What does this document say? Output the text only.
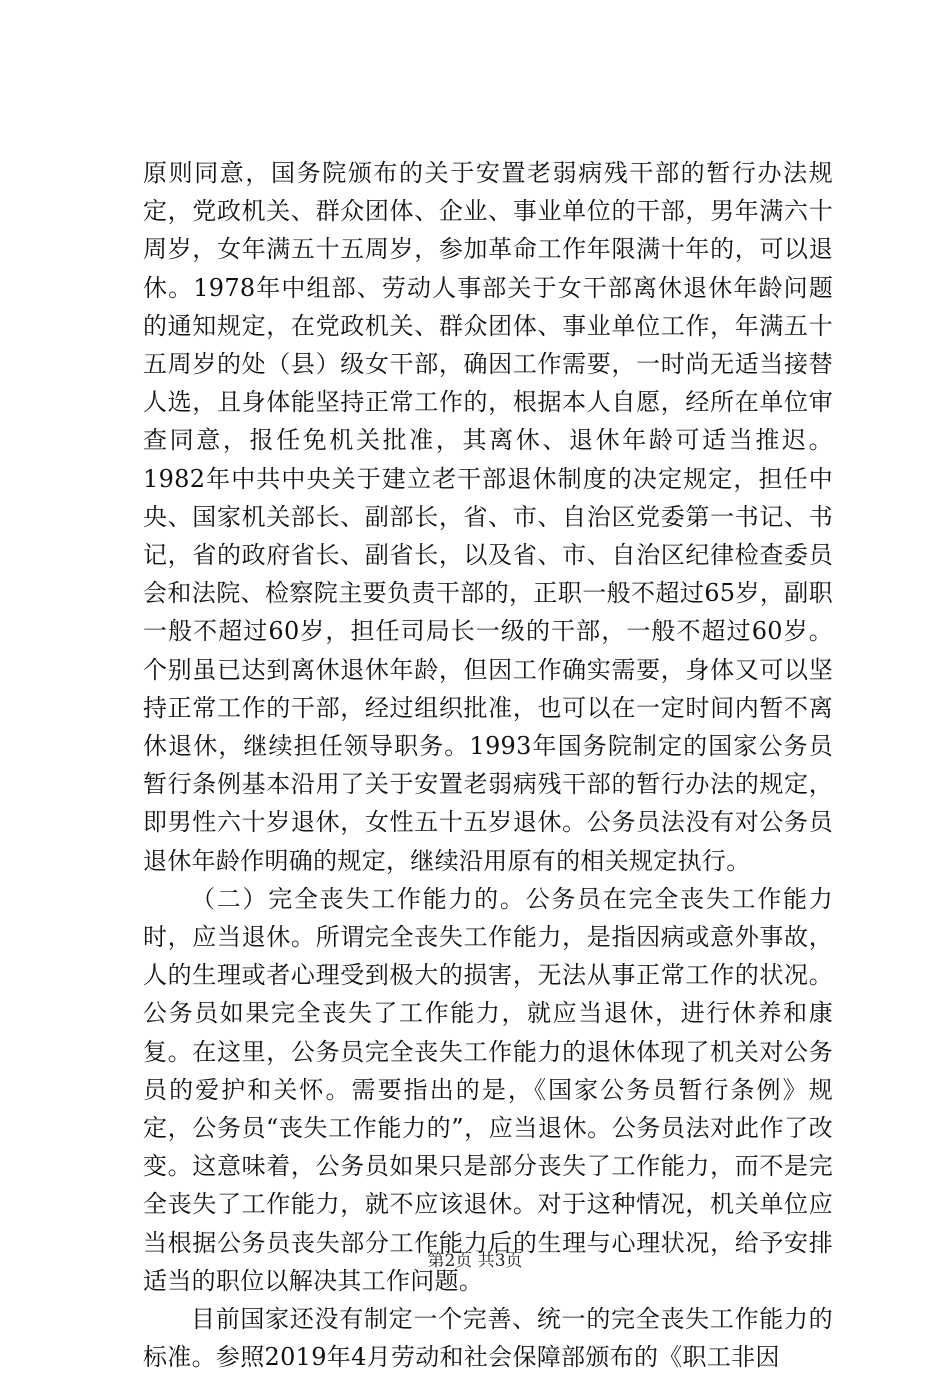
原则同意，国务院颁布的关于安置老弱病残干部的暂行办法规定，党政机关、群众团体、企业、事业单位的干部，男年满六十周岁，女年满五十五周岁，参加革命工作年限满十年的，可以退休。1978年中组部、劳动人事部关于女干部离休退休年龄问题的通知规定，在党政机关、群众团体、事业单位工作，年满五十五周岁的处（县）级女干部，确因工作需要，一时尚无适当接替人选，且身体能坚持正常工作的，根据本人自愿，经所在单位审查同意，报任免机关批准，其离休、退休年龄可适当推迟。1982年中共中央关于建立老干部退休制度的决定规定，担任中央、国家机关部长、副部长，省、市、自治区党委第一书记、书记，省的政府省长、副省长，以及省、市、自治区纪律检查委员会和法院、检察院主要负责干部的，正职一般不超过65岁，副职一般不超过60岁，担任司局长一级的干部，一般不超过60岁。个别虽已达到离休退休年龄，但因工作确实需要，身体又可以坚持正常工作的干部，经过组织批准，也可以在一定时间内暂不离休退休，继续担任领导职务。1993年国务院制定的国家公务员暂行条例基本沿用了关于安置老弱病残干部的暂行办法的规定，即男性六十岁退休，女性五十五岁退休。公务员法没有对公务员退休年龄作明确的规定，继续沿用原有的相关规定执行。

（二）完全丧失工作能力的。公务员在完全丧失工作能力时，应当退休。所谓完全丧失工作能力，是指因病或意外事故，人的生理或者心理受到极大的损害，无法从事正常工作的状况。公务员如果完全丧失了工作能力，就应当退休，进行休养和康复。在这里，公务员完全丧失工作能力的退休体现了机关对公务员的爱护和关怀。需要指出的是，《国家公务员暂行条例》规定，公务员“丧失工作能力的”，应当退休。公务员法对此作了改变。这意味着，公务员如果只是部分丧失了工作能力，而不是完全丧失了工作能力，就不应该退休。对于这种情况，机关单位应当根据公务员丧失部分工作能力后的生理与心理状况，给予安排适当的职位以解决其工作问题。

目前国家还没有制定一个完善、统一的完全丧失工作能力的标准。参照2019年4月劳动和社会保障部颁布的《职工非因

第2页 共3页
